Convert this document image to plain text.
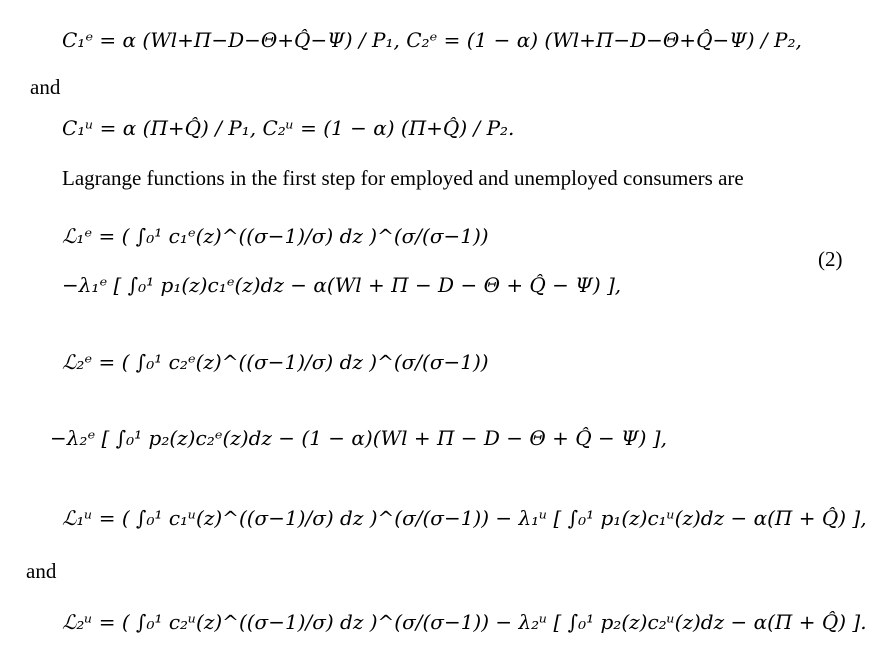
C₁ᵉ = α (Wl+Π−D−Θ+Q̂−Ψ) / P₁, C₂ᵉ = (1 − α) (Wl+Π−D−Θ+Q̂−Ψ) / P₂,
and
C₁ᵘ = α (Π+Q̂) / P₁, C₂ᵘ = (1 − α) (Π+Q̂) / P₂.
Lagrange functions in the first step for employed and unemployed consumers are
ℒ₁ᵉ = ( ∫₀¹ c₁ᵉ(z)^((σ−1)/σ) dz )^(σ/(σ−1))
(2)
−λ₁ᵉ [ ∫₀¹ p₁(z)c₁ᵉ(z)dz − α(Wl + Π − D − Θ + Q̂ − Ψ) ],
ℒ₂ᵉ = ( ∫₀¹ c₂ᵉ(z)^((σ−1)/σ) dz )^(σ/(σ−1))
−λ₂ᵉ [ ∫₀¹ p₂(z)c₂ᵉ(z)dz − (1 − α)(Wl + Π − D − Θ + Q̂ − Ψ) ],
ℒ₁ᵘ = ( ∫₀¹ c₁ᵘ(z)^((σ−1)/σ) dz )^(σ/(σ−1)) − λ₁ᵘ [ ∫₀¹ p₁(z)c₁ᵘ(z)dz − α(Π + Q̂) ],
and
ℒ₂ᵘ = ( ∫₀¹ c₂ᵘ(z)^((σ−1)/σ) dz )^(σ/(σ−1)) − λ₂ᵘ [ ∫₀¹ p₂(z)c₂ᵘ(z)dz − α(Π + Q̂) ].
